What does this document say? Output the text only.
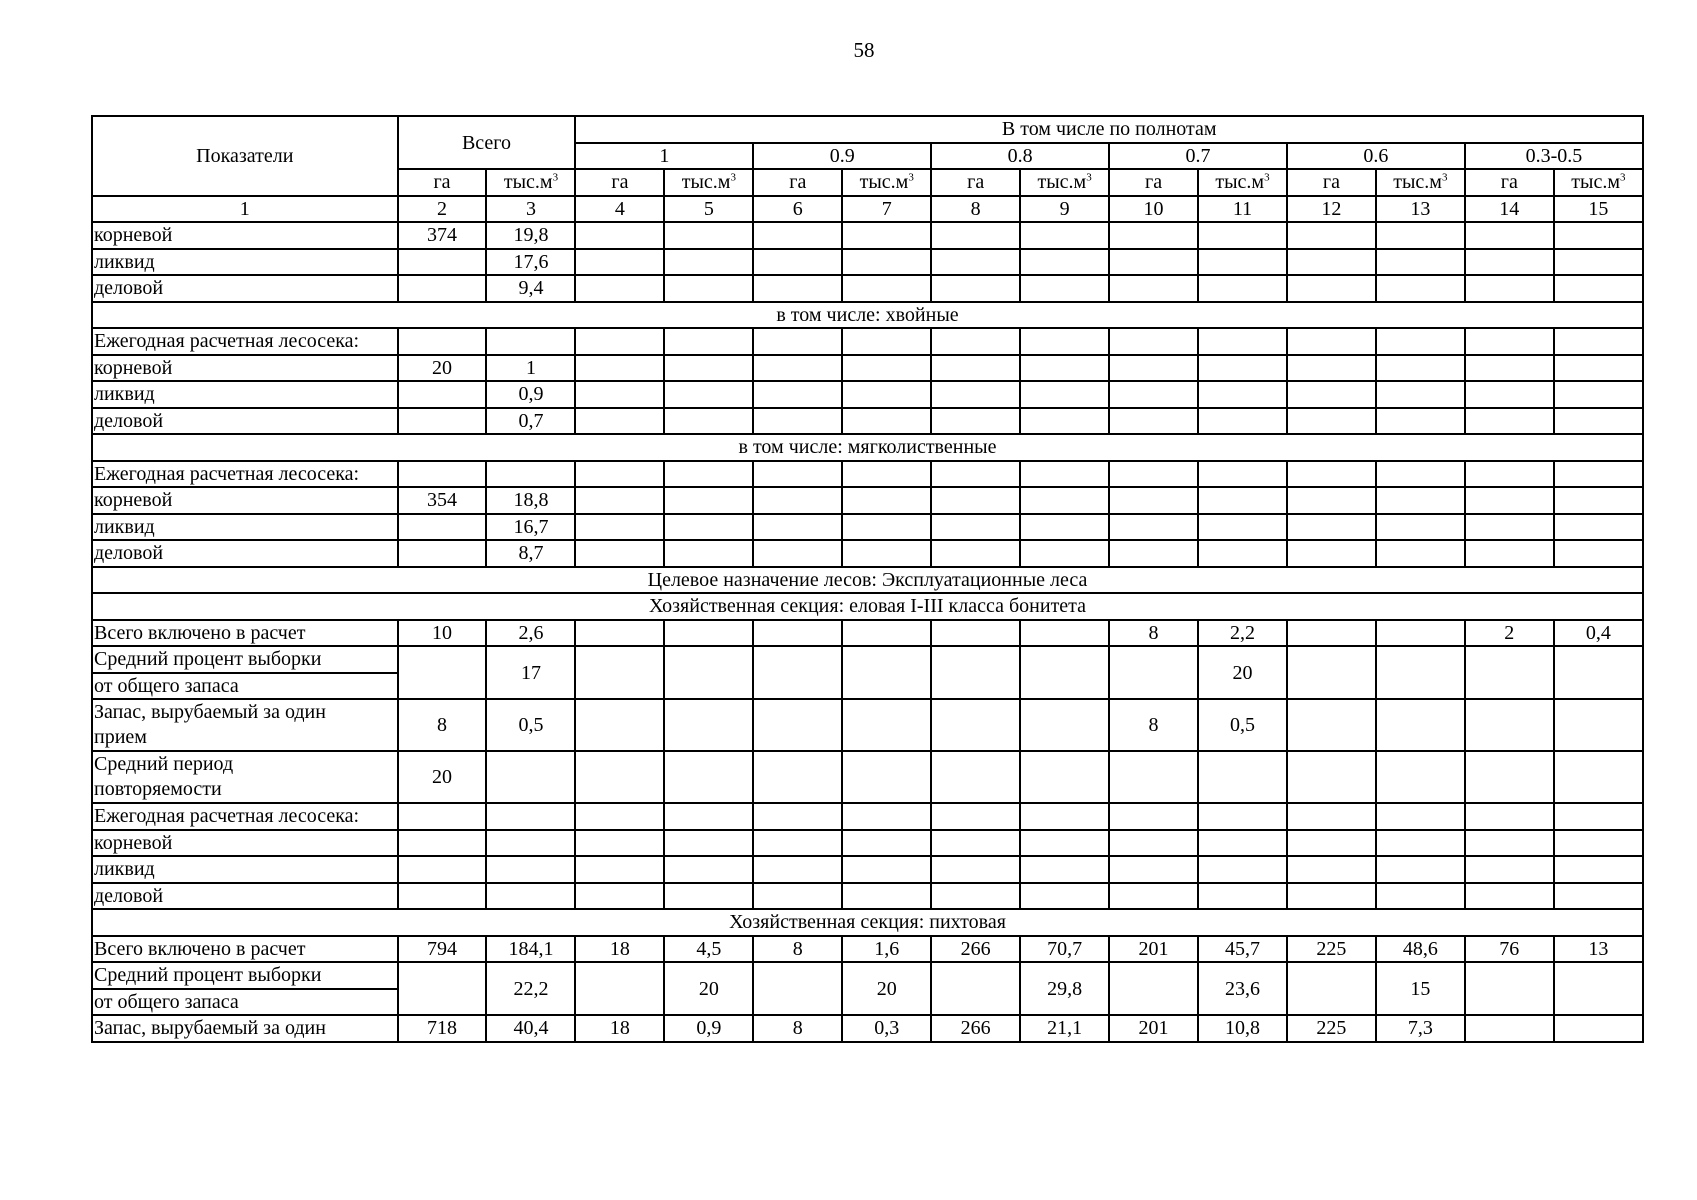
58
Показатели	Всего		В том числе по полнотам											
			1		0.9		0.8		0.7		0.6		0.3-0.5	
	га	$тыс.м^3$	га	$тыс.м^3$	га	$тыс.м^3$	га	$тыс.м^3$	га	$тыс.м^3$	га	$тыс.м^3$	га	$тыс.м^3$
1	2	3	4	5	6	7	8	9	10	11	12	13	14	15
корневой	374	19,8												
ликвид		17,6												
деловой		9,4												
в том числе: хвойные														
Ежегодная расчетная лесосека:														
корневой	20	1												
ликвид		0,9												
деловой		0,7												
в том числе: мягколиственные														
Ежегодная расчетная лесосека:														
корневой	354	18,8												
ликвид		16,7												
деловой		8,7												
Целевое назначение лесов: Эксплуатационные леса														
Хозяйственная секция: еловая I-III класса бонитета														
Всего включено в расчет	10	2,6							8	2,2			2	0,4
Средний процент выборки		17								20				
от общего запаса														
Запас, вырубаемый за один
прием	8	0,5							8	0,5				
Средний период
повторяемости	20													
Ежегодная расчетная лесосека:														
корневой														
ликвид														
деловой														
Хозяйственная секция: пихтовая														
Всего включено в расчет	794	184,1	18	4,5	8	1,6	266	70,7	201	45,7	225	48,6	76	13
Средний процент выборки		22,2		20		20		29,8		23,6		15		
от общего запаса														
Запас, вырубаемый за один	718	40,4	18	0,9	8	0,3	266	21,1	201	10,8	225	7,3		
